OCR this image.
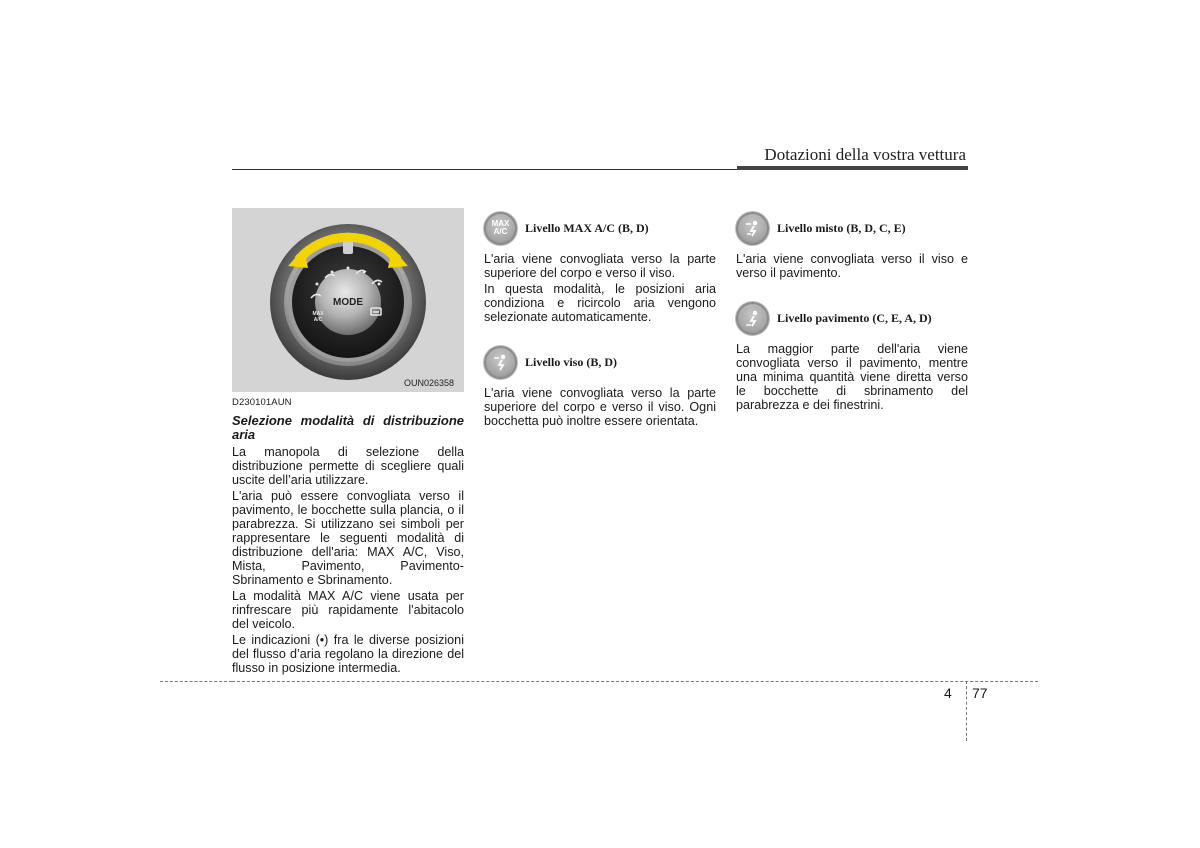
Dotazioni della vostra vettura
MODE
MAX
A/C
OUN026358
D230101AUN
Selezione modalità di distribuzione aria

La manopola di selezione della distribuzione permette di scegliere quali uscite dell’aria utilizzare.

L'aria può essere convogliata verso il pavimento, le bocchette sulla plancia, o il parabrezza. Si utilizzano sei simboli per rappresentare le seguenti modalità di distribuzione dell'aria: MAX A/C, Viso, Mista, Pavimento, Pavimento-Sbrinamento e Sbrinamento.

La modalità MAX A/C viene usata per rinfrescare più rapidamente l'abitacolo del veicolo.

Le indicazioni (•) fra le diverse posizioni del flusso d’aria regolano la direzione del flusso in posizione intermedia.

MAX
A/C Livello MAX A/C (B, D)

L'aria viene convogliata verso la parte superiore del corpo e verso il viso.

In questa modalità, le posizioni aria condiziona e ricircolo aria vengono selezionate automaticamente.

Livello viso (B, D)

L'aria viene convogliata verso la parte superiore del corpo e verso il viso. Ogni bocchetta può inoltre essere orientata.

Livello misto (B, D, C, E)

L'aria viene convogliata verso il viso e verso il pavimento.

Livello pavimento (C, E, A, D)

La maggior parte dell'aria viene convogliata verso il pavimento, mentre una minima quantità viene diretta verso le bocchette di sbrinamento del parabrezza e dei finestrini.

4 77
